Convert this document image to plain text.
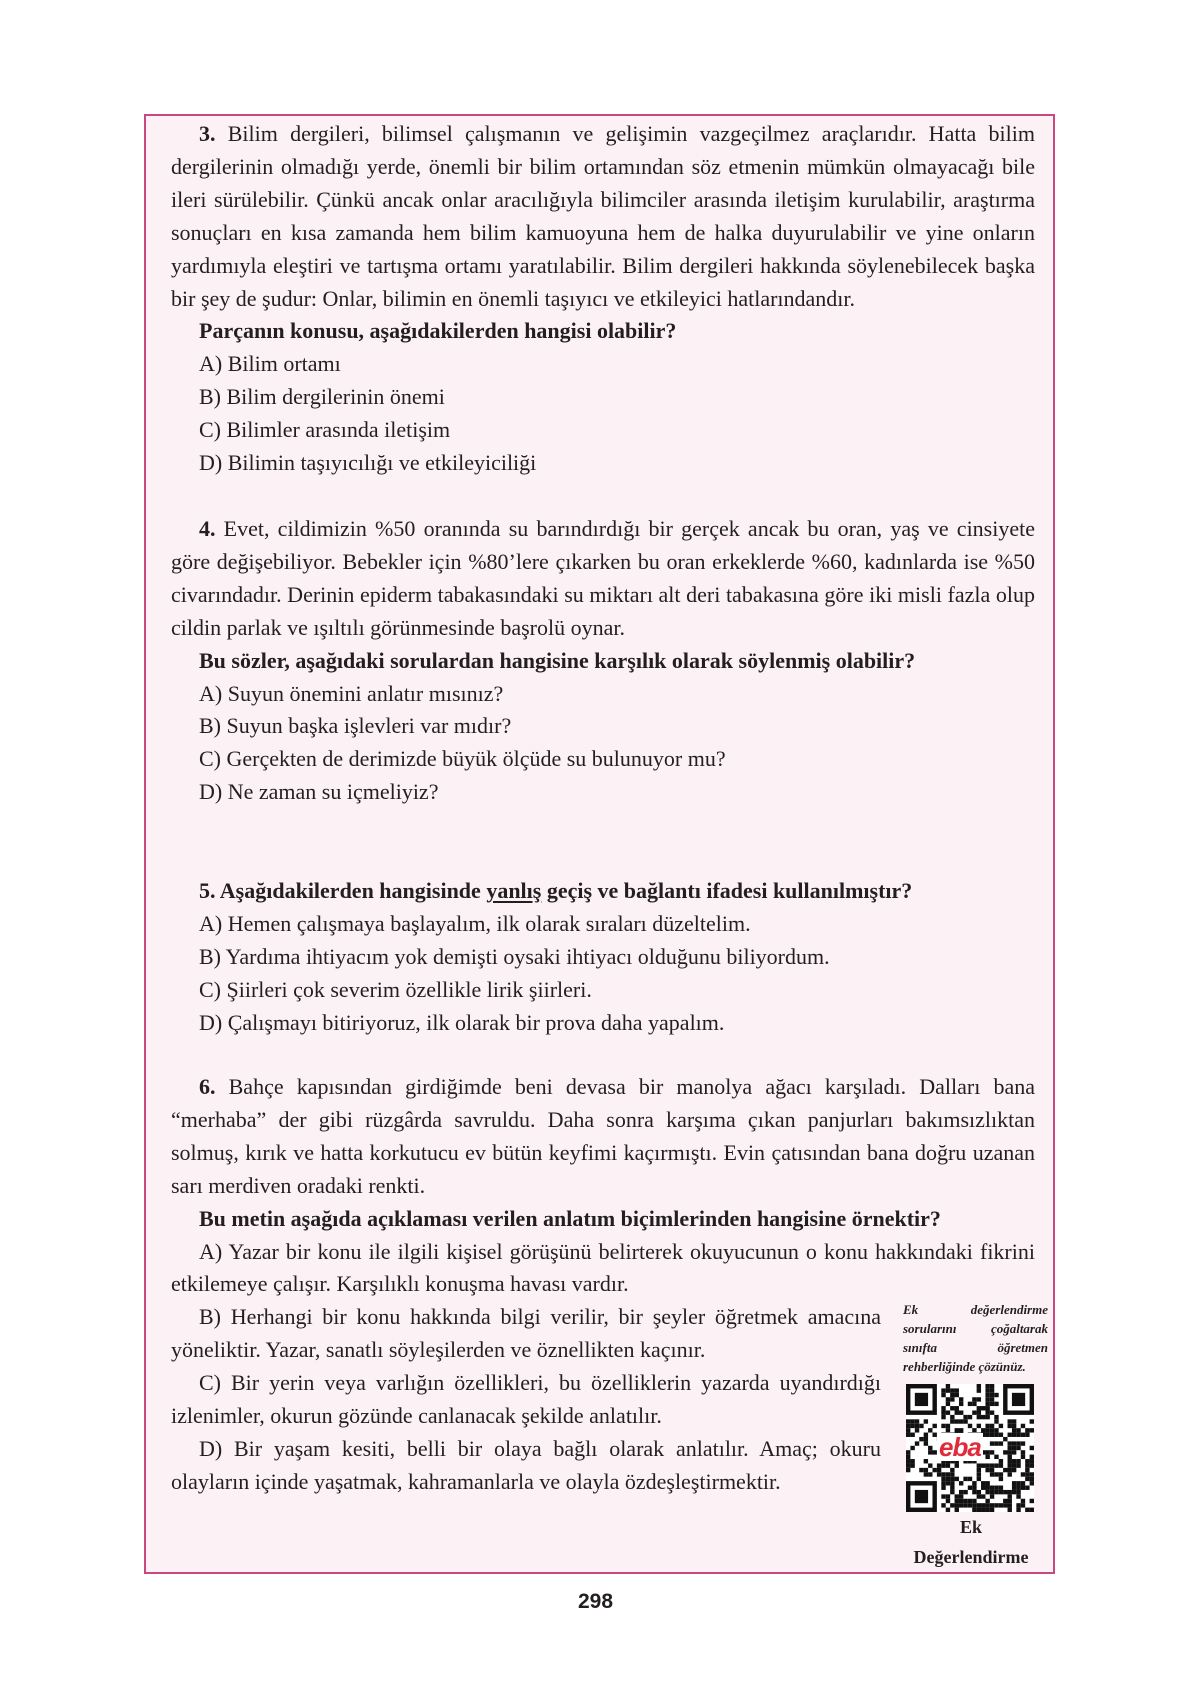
3. Bilim dergileri, bilimsel çalışmanın ve gelişimin vazgeçilmez araçlarıdır. Hatta bilim dergilerinin olmadığı yerde, önemli bir bilim ortamından söz etmenin mümkün olmayacağı bile ileri sürülebilir. Çünkü ancak onlar aracılığıyla bilimciler arasında iletişim kurulabilir, araştırma sonuçları en kısa zamanda hem bilim kamuoyuna hem de halka duyurulabilir ve yine onların yardımıyla eleştiri ve tartışma ortamı yaratılabilir. Bilim dergileri hakkında söylenebilecek başka bir şey de şudur: Onlar, bilimin en önemli taşıyıcı ve etkileyici hatlarındandır.

Parçanın konusu, aşağıdakilerden hangisi olabilir?

A) Bilim ortamı

B) Bilim dergilerinin önemi

C) Bilimler arasında iletişim

D) Bilimin taşıyıcılığı ve etkileyiciliği

4. Evet, cildimizin %50 oranında su barındırdığı bir gerçek ancak bu oran, yaş ve cinsiyete göre değişebiliyor. Bebekler için %80’lere çıkarken bu oran erkeklerde %60, kadınlarda ise %50 civarındadır. Derinin epiderm tabakasındaki su miktarı alt deri tabakasına göre iki misli fazla olup cildin parlak ve ışıltılı görünmesinde başrolü oynar.

Bu sözler, aşağıdaki sorulardan hangisine karşılık olarak söylenmiş olabilir?

A) Suyun önemini anlatır mısınız?

B) Suyun başka işlevleri var mıdır?

C) Gerçekten de derimizde büyük ölçüde su bulunuyor mu?

D) Ne zaman su içmeliyiz?

5. Aşağıdakilerden hangisinde yanlış geçiş ve bağlantı ifadesi kullanılmıştır?

A) Hemen çalışmaya başlayalım, ilk olarak sıraları düzeltelim.

B) Yardıma ihtiyacım yok demişti oysaki ihtiyacı olduğunu biliyordum.

C) Şiirleri çok severim özellikle lirik şiirleri.

D) Çalışmayı bitiriyoruz, ilk olarak bir prova daha yapalım.

6. Bahçe kapısından girdiğimde beni devasa bir manolya ağacı karşıladı. Dalları bana “merhaba” der gibi rüzgârda savruldu. Daha sonra karşıma çıkan panjurları bakımsızlıktan solmuş, kırık ve hatta korkutucu ev bütün keyfimi kaçırmıştı. Evin çatısından bana doğru uzanan sarı merdiven oradaki renkti.

Bu metin aşağıda açıklaması verilen anlatım biçimlerinden hangisine örnektir?

A) Yazar bir konu ile ilgili kişisel görüşünü belirterek okuyucunun o konu hakkındaki fikrini etkilemeye çalışır. Karşılıklı konuşma havası vardır.

B) Herhangi bir konu hakkında bilgi verilir, bir şeyler öğretmek amacına yöneliktir. Yazar, sanatlı söyleşilerden ve öznellikten kaçınır.

C) Bir yerin veya varlığın özellikleri, bu özelliklerin yazarda uyandırdığı izlenimler, okurun gözünde canlanacak şekilde anlatılır.

D) Bir yaşam kesiti, belli bir olaya bağlı olarak anlatılır. Amaç; okuru olayların içinde yaşatmak, kahramanlarla ve olayla özdeşleştirmektir.

Ek değerlendirme sorularını çoğaltarak sınıfta öğretmen rehberliğinde çözünüz.
eba
Ek
Değerlendirme
298
